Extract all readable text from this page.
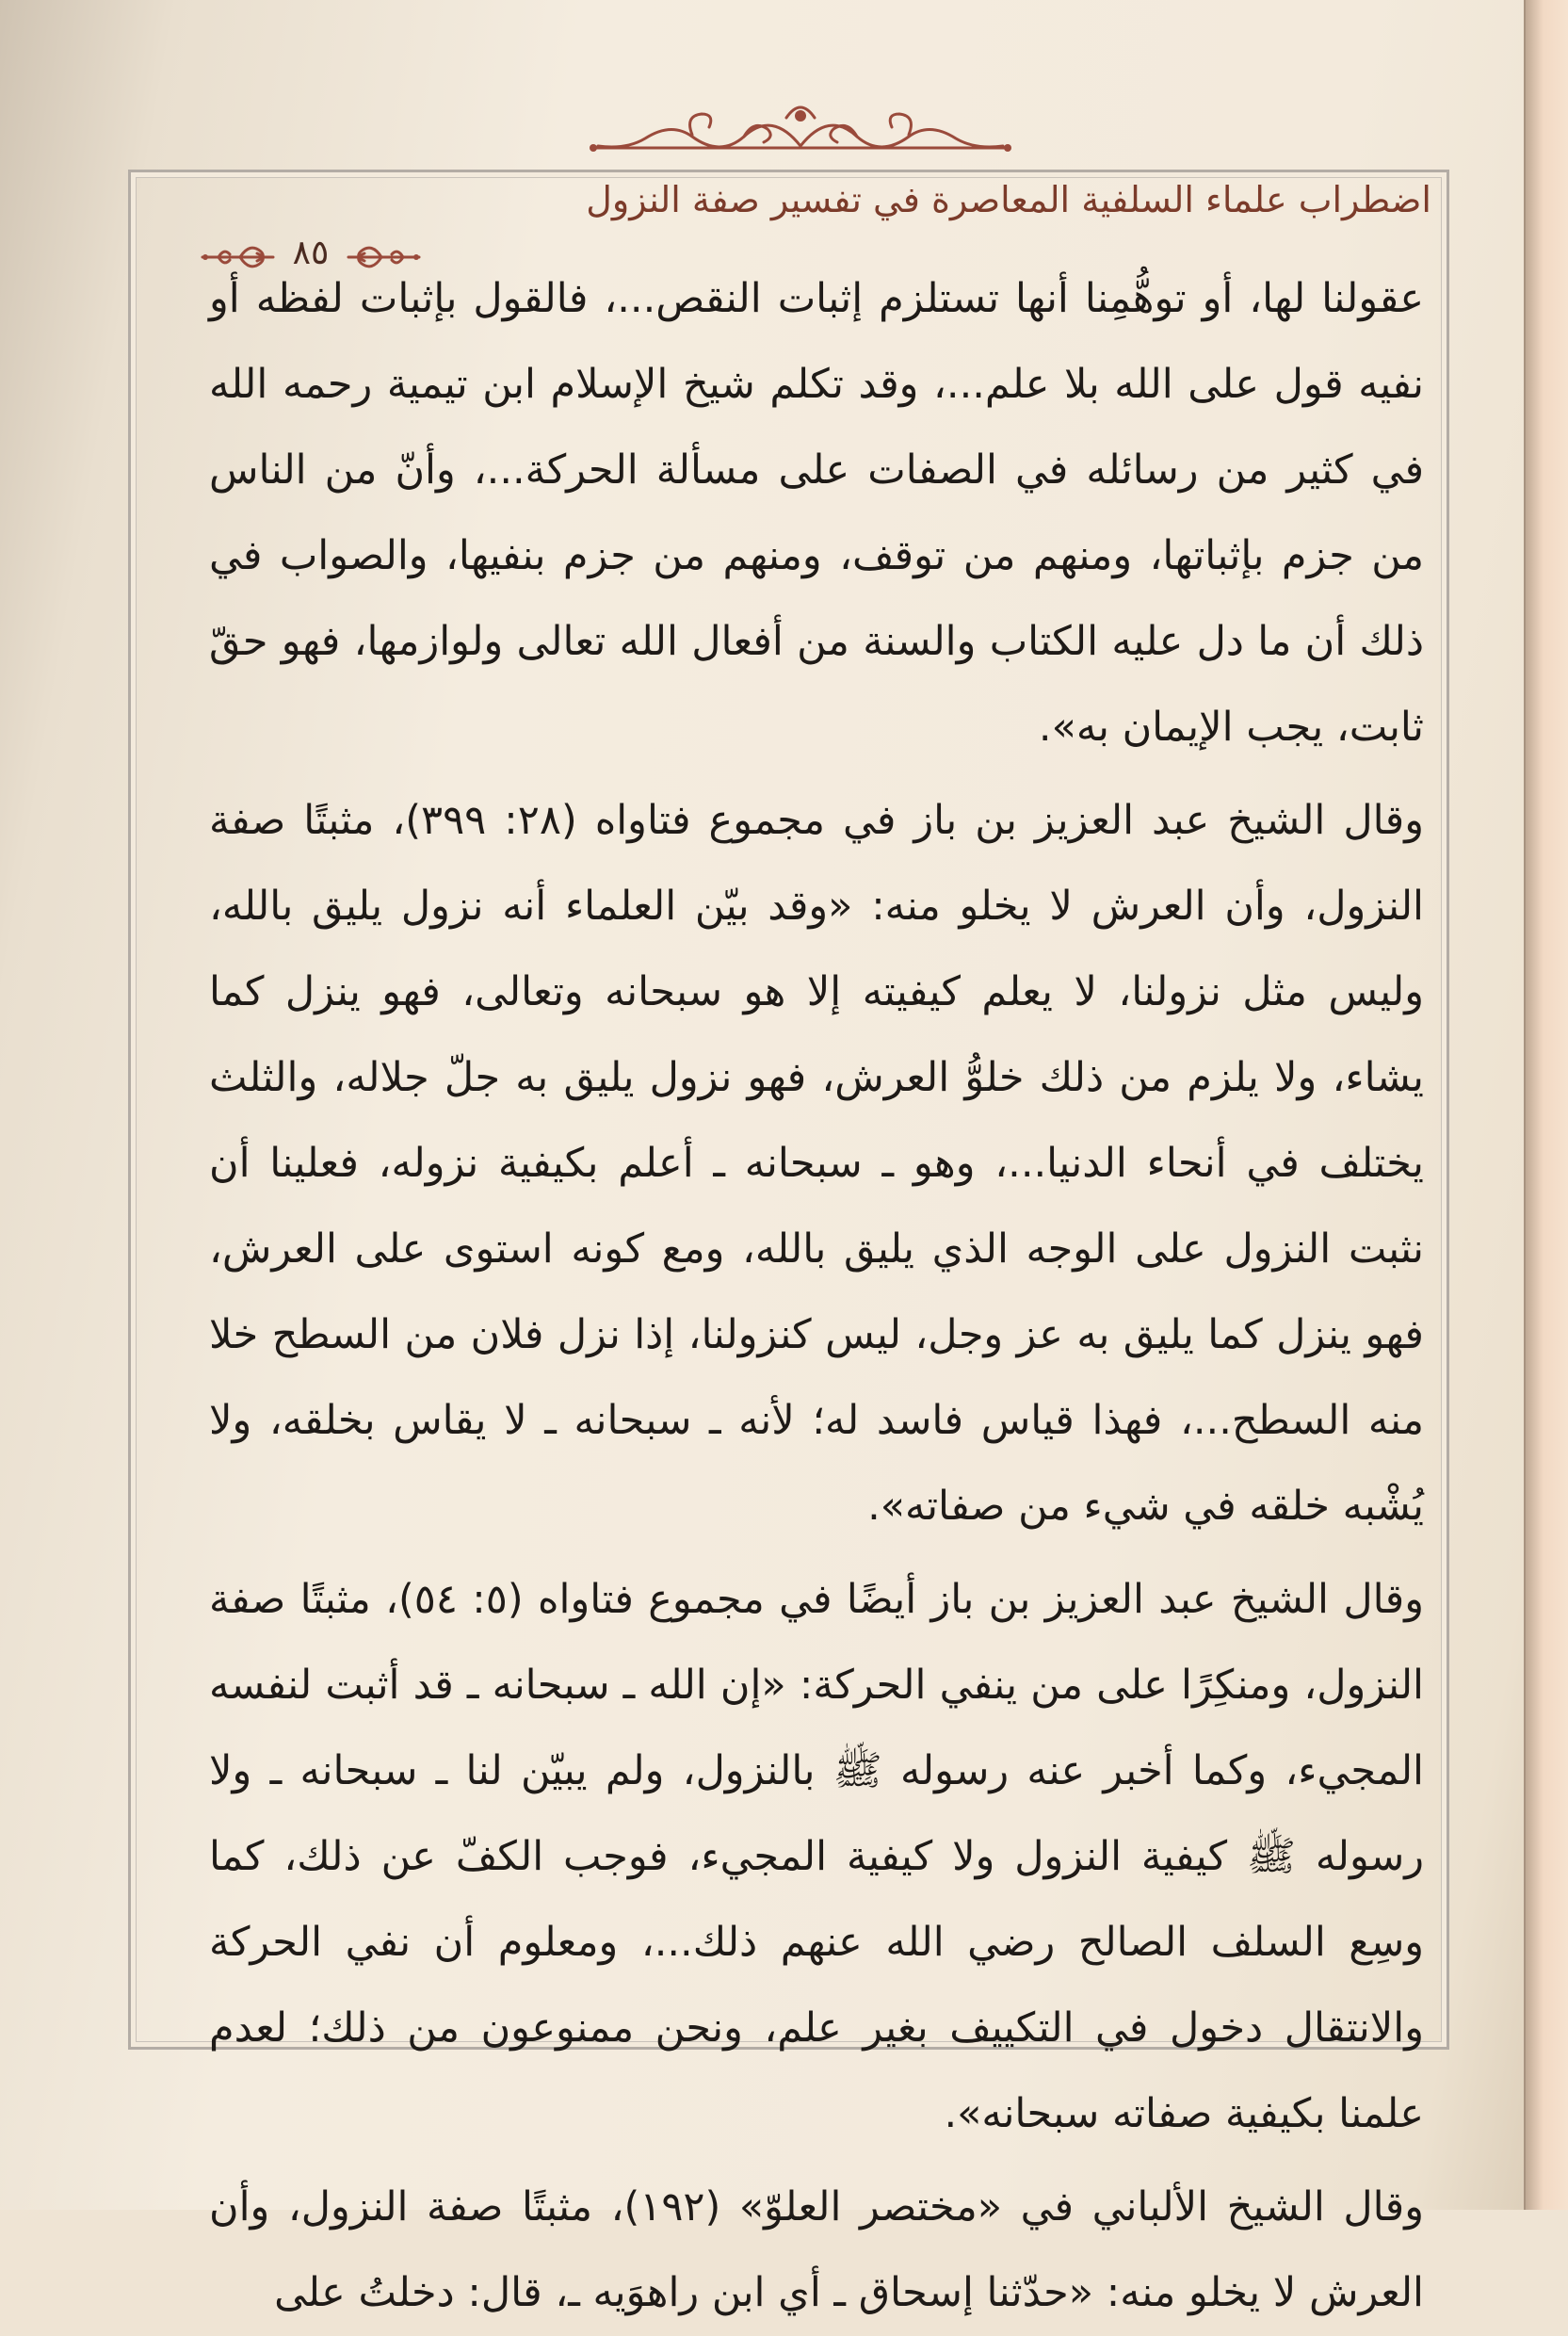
اضطراب علماء السلفية المعاصرة في تفسير صفة النزول
٨٥

عقولنا لها، أو توهُّمِنا أنها تستلزم إثبات النقص...، فالقول بإثبات لفظه أو نفيه قول على الله بلا علم...، وقد تكلم شيخ الإسلام ابن تيمية رحمه الله في كثير من رسائله في الصفات على مسألة الحركة...، وأنّ من الناس من جزم بإثباتها، ومنهم من توقف، ومنهم من جزم بنفيها، والصواب في ذلك أن ما دل عليه الكتاب والسنة من أفعال الله تعالى ولوازمها، فهو حقّ ثابت، يجب الإيمان به».

وقال الشيخ عبد العزيز بن باز في مجموع فتاواه (٢٨: ٣٩٩)، مثبتًا صفة النزول، وأن العرش لا يخلو منه: «وقد بيّن العلماء أنه نزول يليق بالله، وليس مثل نزولنا، لا يعلم كيفيته إلا هو سبحانه وتعالى، فهو ينزل كما يشاء، ولا يلزم من ذلك خلوُّ العرش، فهو نزول يليق به جلّ جلاله، والثلث يختلف في أنحاء الدنيا...، وهو ـ سبحانه ـ أعلم بكيفية نزوله، فعلينا أن نثبت النزول على الوجه الذي يليق بالله، ومع كونه استوى على العرش، فهو ينزل كما يليق به عز وجل، ليس كنزولنا، إذا نزل فلان من السطح خلا منه السطح...، فهذا قياس فاسد له؛ لأنه ـ سبحانه ـ لا يقاس بخلقه، ولا يُشْبه خلقه في شيء من صفاته».

وقال الشيخ عبد العزيز بن باز أيضًا في مجموع فتاواه (٥: ٥٤)، مثبتًا صفة النزول، ومنكِرًا على من ينفي الحركة: «إن الله ـ سبحانه ـ قد أثبت لنفسه المجيء، وكما أخبر عنه رسوله ﷺ بالنزول، ولم يبيّن لنا ـ سبحانه ـ ولا رسوله ﷺ كيفية النزول ولا كيفية المجيء، فوجب الكفّ عن ذلك، كما وسِع السلف الصالح رضي الله عنهم ذلك...، ومعلوم أن نفي الحركة والانتقال دخول في التكييف بغير علم، ونحن ممنوعون من ذلك؛ لعدم علمنا بكيفية صفاته سبحانه».

وقال الشيخ الألباني في «مختصر العلوّ» (١٩٢)، مثبتًا صفة النزول، وأن العرش لا يخلو منه: «حدّثنا إسحاق ـ أي ابن راهوَيه ـ، قال: دخلتُ على
